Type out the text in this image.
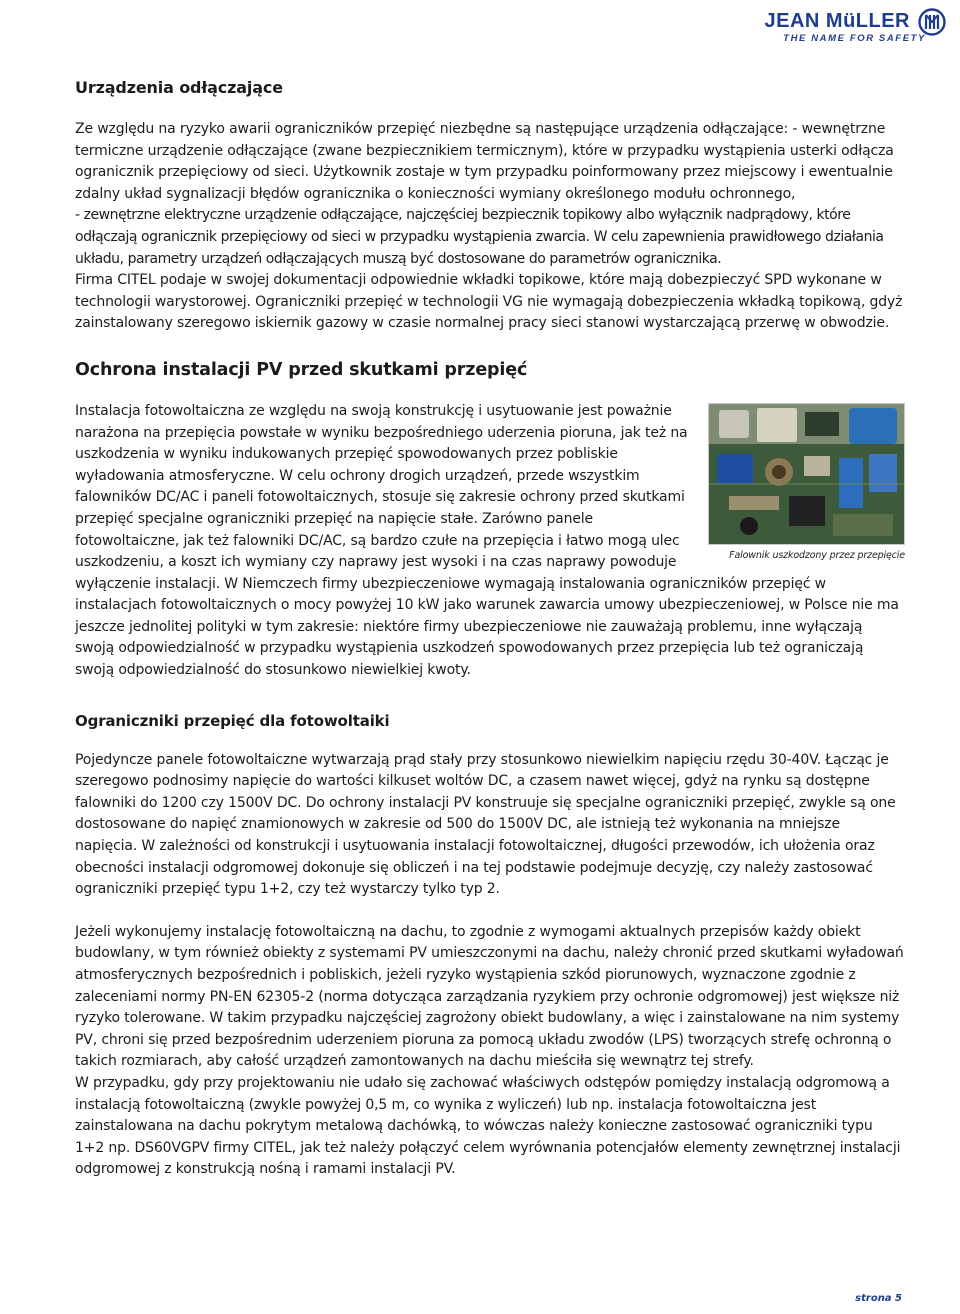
JEAN MüLLER
THE NAME FOR SAFETY
Urządzenia odłączające

Ze względu na ryzyko awarii ograniczników przepięć niezbędne są następujące urządzenia odłączające: - wewnętrzne termiczne urządzenie odłączające (zwane bezpiecznikiem termicznym), które w przypadku wystąpienia usterki odłącza ogranicznik przepięciowy od sieci. Użytkownik zostaje w tym przypadku poinformowany przez miejscowy i ewentualnie zdalny układ sygnalizacji błędów ogranicznika o konieczności wymiany określonego modułu ochronnego,

- zewnętrzne elektryczne urządzenie odłączające, najczęściej bezpiecznik topikowy albo wyłącznik nadprądowy, które odłączają ogranicznik przepięciowy od sieci w przypadku wystąpienia zwarcia. W celu zapewnienia prawidłowego działania układu, parametry urządzeń odłączających muszą być dostosowane do parametrów ogranicznika.

Firma CITEL podaje w swojej dokumentacji odpowiednie wkładki topikowe, które mają dobezpieczyć SPD wykonane w technologii warystorowej. Ograniczniki przepięć w technologii VG nie wymagają dobezpieczenia wkładką topikową, gdyż zainstalowany szeregowo iskiernik gazowy w czasie normalnej pracy sieci stanowi wystarczającą przerwę w obwodzie.

Ochrona instalacji PV przed skutkami przepięć
Falownik uszkodzony przez przepięcie

Instalacja fotowoltaiczna ze względu na swoją konstrukcję i usytuowanie jest poważnie narażona na przepięcia powstałe w wyniku bezpośredniego uderzenia pioruna, jak też na uszkodzenia w wyniku indukowanych przepięć spowodowanych przez pobliskie wyładowania atmosferyczne. W celu ochrony drogich urządzeń, przede wszystkim falowników DC/AC i paneli fotowoltaicznych, stosuje się zakresie ochrony przed skutkami przepięć specjalne ograniczniki przepięć na napięcie stałe. Zarówno panele fotowoltaiczne, jak też falowniki DC/AC, są bardzo czułe na przepięcia i łatwo mogą ulec uszkodzeniu, a koszt ich wymiany czy naprawy jest wysoki i na czas naprawy powoduje wyłączenie instalacji. W Niemczech firmy ubezpieczeniowe wymagają instalowania ograniczników przepięć w instalacjach fotowoltaicznych o mocy powyżej 10 kW jako warunek zawarcia umowy ubezpieczeniowej, w Polsce nie ma jeszcze jednolitej polityki w tym zakresie: niektóre firmy ubezpieczeniowe nie zauważają problemu, inne wyłączają swoją odpowiedzialność w przypadku wystąpienia uszkodzeń spowodowanych przez przepięcia lub też ograniczają swoją odpowiedzialność do stosunkowo niewielkiej kwoty.

Ograniczniki przepięć dla fotowoltaiki

Pojedyncze panele fotowoltaiczne wytwarzają prąd stały przy stosunkowo niewielkim napięciu rzędu 30-40V. Łącząc je szeregowo podnosimy napięcie do wartości kilkuset woltów DC, a czasem nawet więcej, gdyż na rynku są dostępne falowniki do 1200 czy 1500V DC. Do ochrony instalacji PV konstruuje się specjalne ograniczniki przepięć, zwykle są one dostosowane do napięć znamionowych w zakresie od 500 do 1500V DC, ale istnieją też wykonania na mniejsze napięcia. W zależności od konstrukcji i usytuowania instalacji fotowoltaicznej, długości przewodów, ich ułożenia oraz obecności instalacji odgromowej dokonuje się obliczeń i na tej podstawie podejmuje decyzję, czy należy zastosować ograniczniki przepięć typu 1+2, czy też wystarczy tylko typ 2.

Jeżeli wykonujemy instalację fotowoltaiczną na dachu, to zgodnie z wymogami aktualnych przepisów każdy obiekt budowlany, w tym również obiekty z systemami PV umieszczonymi na dachu, należy chronić przed skutkami wyładowań atmosferycznych bezpośrednich i pobliskich, jeżeli ryzyko wystąpienia szkód piorunowych, wyznaczone zgodnie z zaleceniami normy PN-EN 62305-2 (norma dotycząca zarządzania ryzykiem przy ochronie odgromowej) jest większe niż ryzyko tolerowane. W takim przypadku najczęściej zagrożony obiekt budowlany, a więc i zainstalowane na nim systemy PV, chroni się przed bezpośrednim uderzeniem pioruna za pomocą układu zwodów (LPS) tworzących strefę ochronną o takich rozmiarach, aby całość urządzeń zamontowanych na dachu mieściła się wewnątrz tej strefy.

W przypadku, gdy przy projektowaniu nie udało się zachować właściwych odstępów pomiędzy instalacją odgromową a instalacją fotowoltaiczną (zwykle powyżej 0,5 m, co wynika z wyliczeń) lub np. instalacja fotowoltaiczna jest zainstalowana na dachu pokrytym metalową dachówką, to wówczas należy konieczne zastosować ograniczniki typu 1+2 np. DS60VGPV firmy CITEL, jak też należy połączyć celem wyrównania potencjałów elementy zewnętrznej instalacji odgromowej z konstrukcją nośną i ramami instalacji PV.

strona 5
